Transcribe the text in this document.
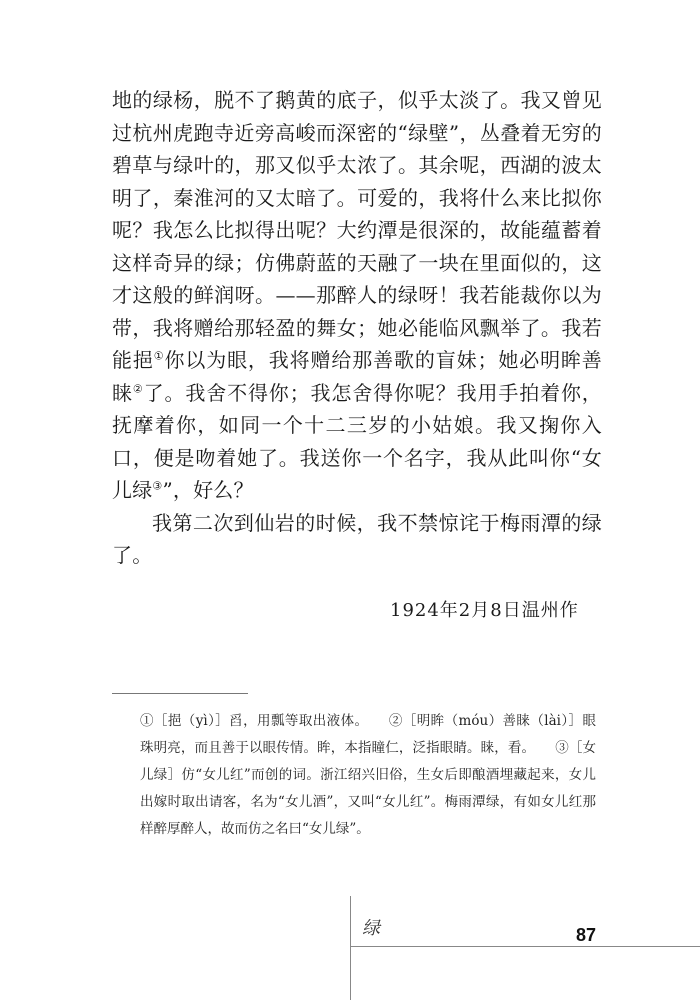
地的绿杨，脱不了鹅黄的底子，似乎太淡了。我又曾见过杭州虎跑寺近旁高峻而深密的“绿壁”，丛叠着无穷的碧草与绿叶的，那又似乎太浓了。其余呢，西湖的波太明了，秦淮河的又太暗了。可爱的，我将什么来比拟你呢？我怎么比拟得出呢？大约潭是很深的，故能蕴蓄着这样奇异的绿；仿佛蔚蓝的天融了一块在里面似的，这才这般的鲜润呀。——那醉人的绿呀！我若能裁你以为带，我将赠给那轻盈的舞女；她必能临风飘举了。我若能挹①你以为眼，我将赠给那善歌的盲妹；她必明眸善睐②了。我舍不得你；我怎舍得你呢？我用手拍着你，抚摩着你，如同一个十二三岁的小姑娘。我又掬你入口，便是吻着她了。我送你一个名字，我从此叫你“女儿绿③”，好么？

我第二次到仙岩的时候，我不禁惊诧于梅雨潭的绿了。

1924年2月8日温州作

①［挹（yì）］舀，用瓢等取出液体。 ②［明眸（móu）善睐（lài）］眼珠明亮，而且善于以眼传情。眸，本指瞳仁，泛指眼睛。睐，看。 ③［女儿绿］仿“女儿红”而创的词。浙江绍兴旧俗，生女后即酿酒埋藏起来，女儿出嫁时取出请客，名为“女儿酒”，又叫“女儿红”。梅雨潭绿，有如女儿红那样醉厚醉人，故而仿之名曰“女儿绿”。

绿	87
